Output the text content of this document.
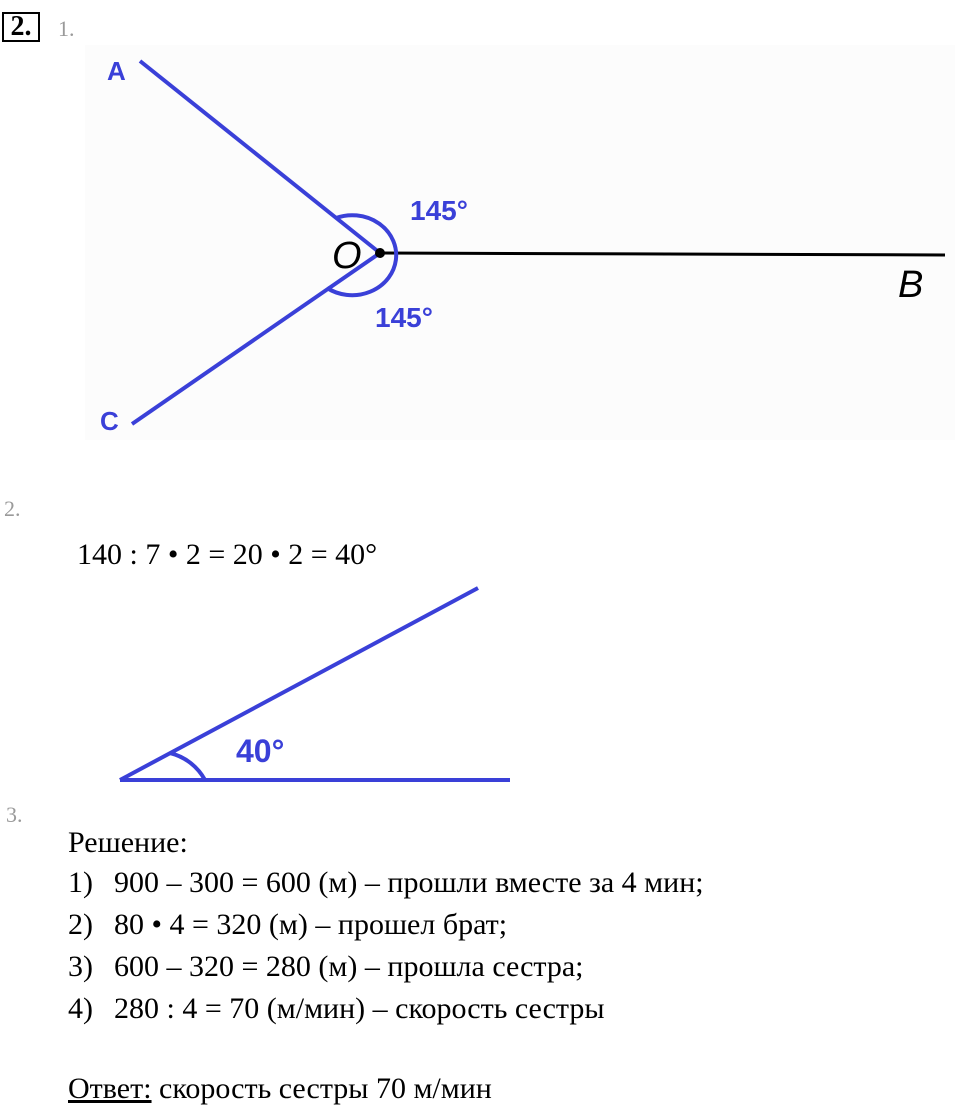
2.	1.
A
C
O
B
145°
145°
2.
140 : 7 • 2 = 20 • 2 = 40°
40°
3.
Решение:
1) 900 – 300 = 600 (м) – прошли вместе за 4 мин;
2) 80 • 4 = 320 (м) – прошел брат;
3) 600 – 320 = 280 (м) – прошла сестра;
4) 280 : 4 = 70 (м/мин) – скорость сестры
Ответ: скорость сестры 70 м/мин
